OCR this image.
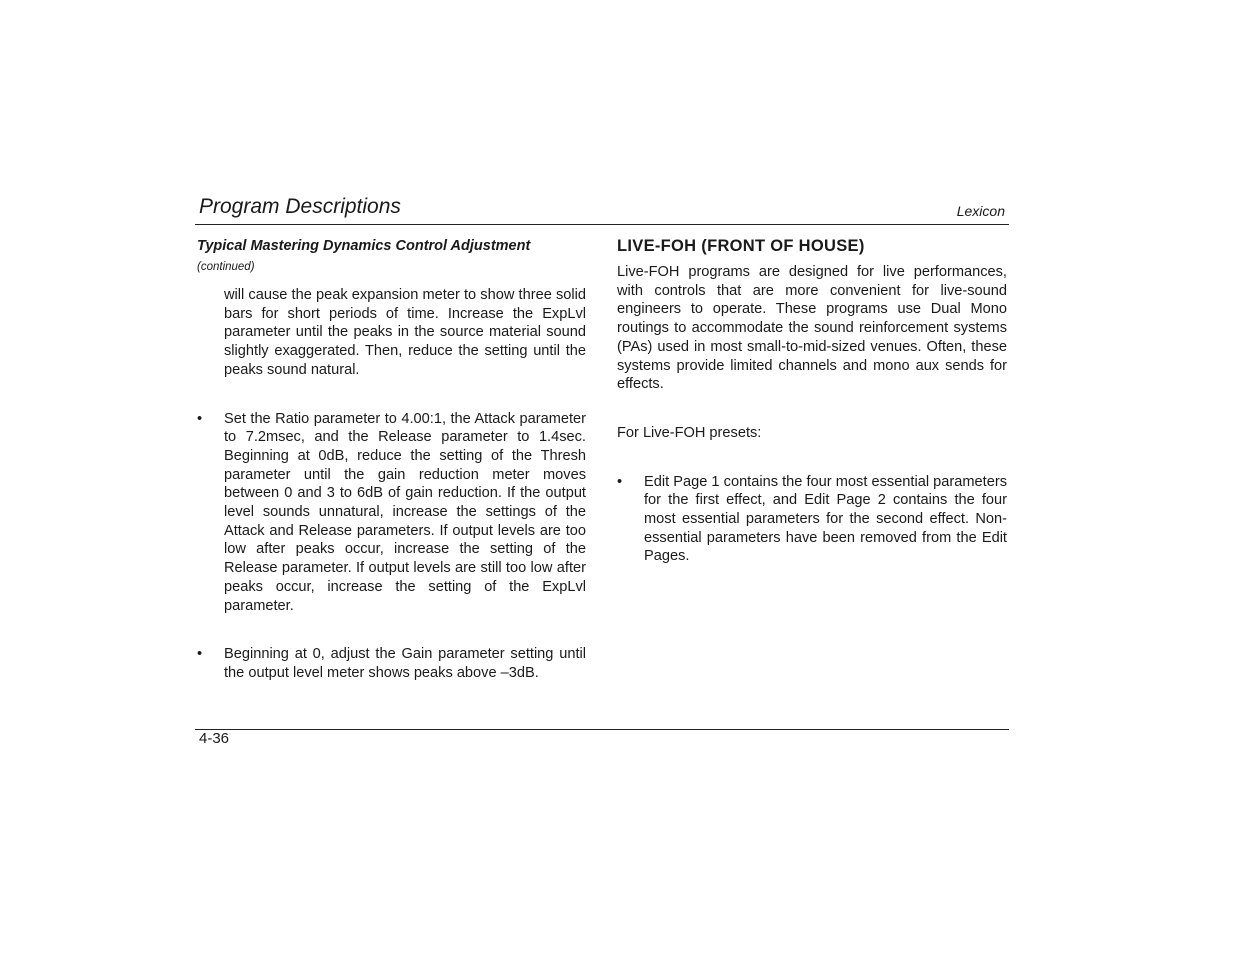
Program Descriptions	Lexicon
Typical Mastering Dynamics Control Adjustment (continued)

will cause the peak expansion meter to show three solid bars for short periods of time. Increase the ExpLvl parameter until the peaks in the source material sound slightly exaggerated. Then, reduce the setting until the peaks sound natural.

•	Set the Ratio parameter to 4.00:1, the Attack parameter to 7.2msec, and the Release parameter to 1.4sec. Beginning at 0dB, reduce the setting of the Thresh parameter until the gain reduction meter moves between 0 and 3 to 6dB of gain reduction. If the output level sounds unnatural, increase the settings of the Attack and Release parameters. If output levels are too low after peaks occur, increase the setting of the Release parameter. If output levels are still too low after peaks occur, increase the setting of the ExpLvl parameter.

•	Beginning at 0, adjust the Gain parameter setting until the output level meter shows peaks above –3dB.

LIVE-FOH (FRONT OF HOUSE)

Live-FOH programs are designed for live performances, with controls that are more convenient for live-sound engineers to operate. These programs use Dual Mono routings to accommodate the sound reinforcement systems (PAs) used in most small-to-mid-sized venues. Often, these systems provide limited channels and mono aux sends for effects.

For Live-FOH presets:

•	Edit Page 1 contains the four most essential parameters for the first effect, and Edit Page 2 contains the four most essential parameters for the second effect. Non-essential parameters have been removed from the Edit Pages.

4-36
